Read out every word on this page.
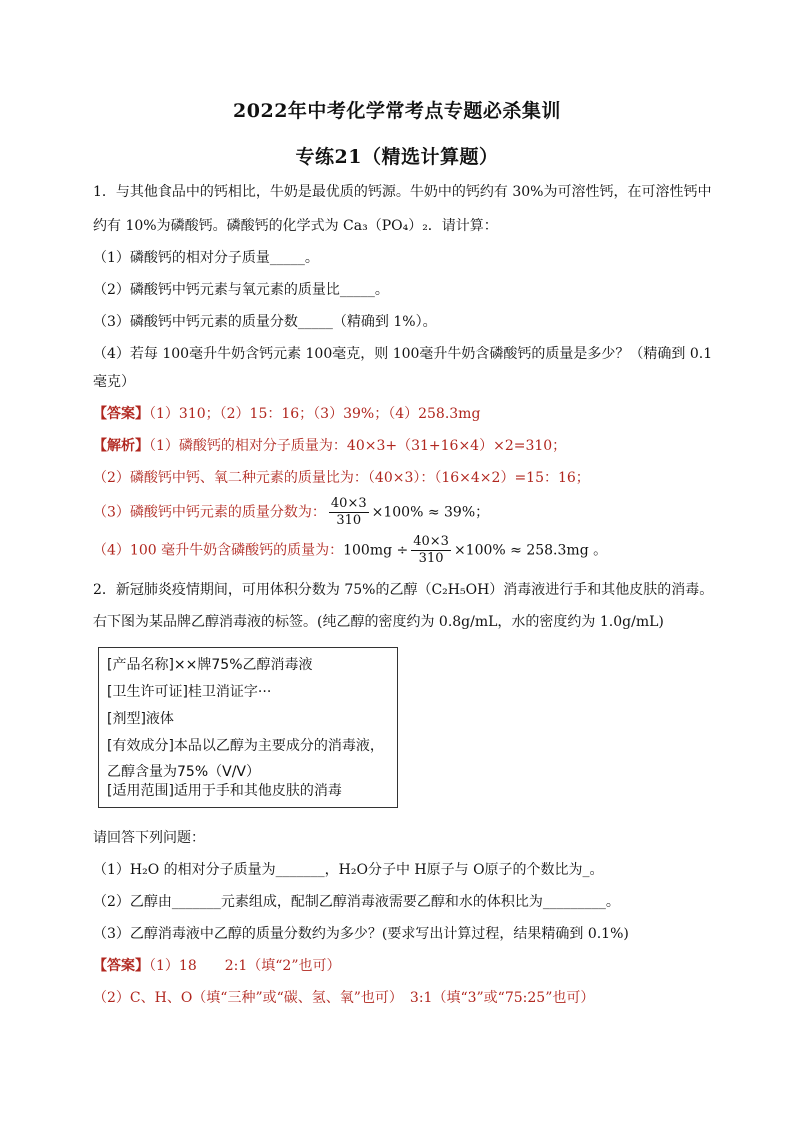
2022年中考化学常考点专题必杀集训
专练21（精选计算题）
1．与其他食品中的钙相比，牛奶是最优质的钙源。牛奶中的钙约有 30%为可溶性钙，在可溶性钙中
约有 10%为磷酸钙。磷酸钙的化学式为 Ca₃（PO₄）₂．请计算：
（1）磷酸钙的相对分子质量_____。
（2）磷酸钙中钙元素与氧元素的质量比_____。
（3）磷酸钙中钙元素的质量分数_____（精确到 1%）。
（4）若每 100毫升牛奶含钙元素 100毫克，则 100毫升牛奶含磷酸钙的质量是多少？（精确到 0.1
毫克）
【答案】（1）310；（2）15：16；（3）39%；（4）258.3mg
【解析】（1）磷酸钙的相对分子质量为：40×3+（31+16×4）×2=310；
（2）磷酸钙中钙、氧二种元素的质量比为：（40×3）：（16×4×2）=15：16；
（3）磷酸钙中钙元素的质量分数为： $\frac{40\times 3}{310} \times 100\% \approx 39\%$；
（4）100 毫升牛奶含磷酸钙的质量为：$100mg \div \frac{40\times 3}{310} \times 100\% \approx 258.3mg$ 。
2．新冠肺炎疫情期间，可用体积分数为 75%的乙醇（C₂H₅OH）消毒液进行手和其他皮肤的消毒。
右下图为某品牌乙醇消毒液的标签。(纯乙醇的密度约为 0.8g/mL，水的密度约为 1.0g/mL)
[产品名称]××牌75%乙醇消毒液
[卫生许可证]桂卫消证字···
[剂型]液体
[有效成分]本品以乙醇为主要成分的消毒液，
乙醇含量为75%（V/V）
[适用范围]适用于手和其他皮肤的消毒
请回答下列问题：
（1）H₂O 的相对分子质量为_______，H₂O分子中 H原子与 O原子的个数比为_。
（2）乙醇由_______元素组成，配制乙醇消毒液需要乙醇和水的体积比为_________。
（3）乙醇消毒液中乙醇的质量分数约为多少？(要求写出计算过程，结果精确到 0.1%)
【答案】（1）18　　2:1（填“2”也可）
（2）C、H、O（填“三种”或“碳、氢、氧”也可）　3:1（填“3”或“75:25”也可）
